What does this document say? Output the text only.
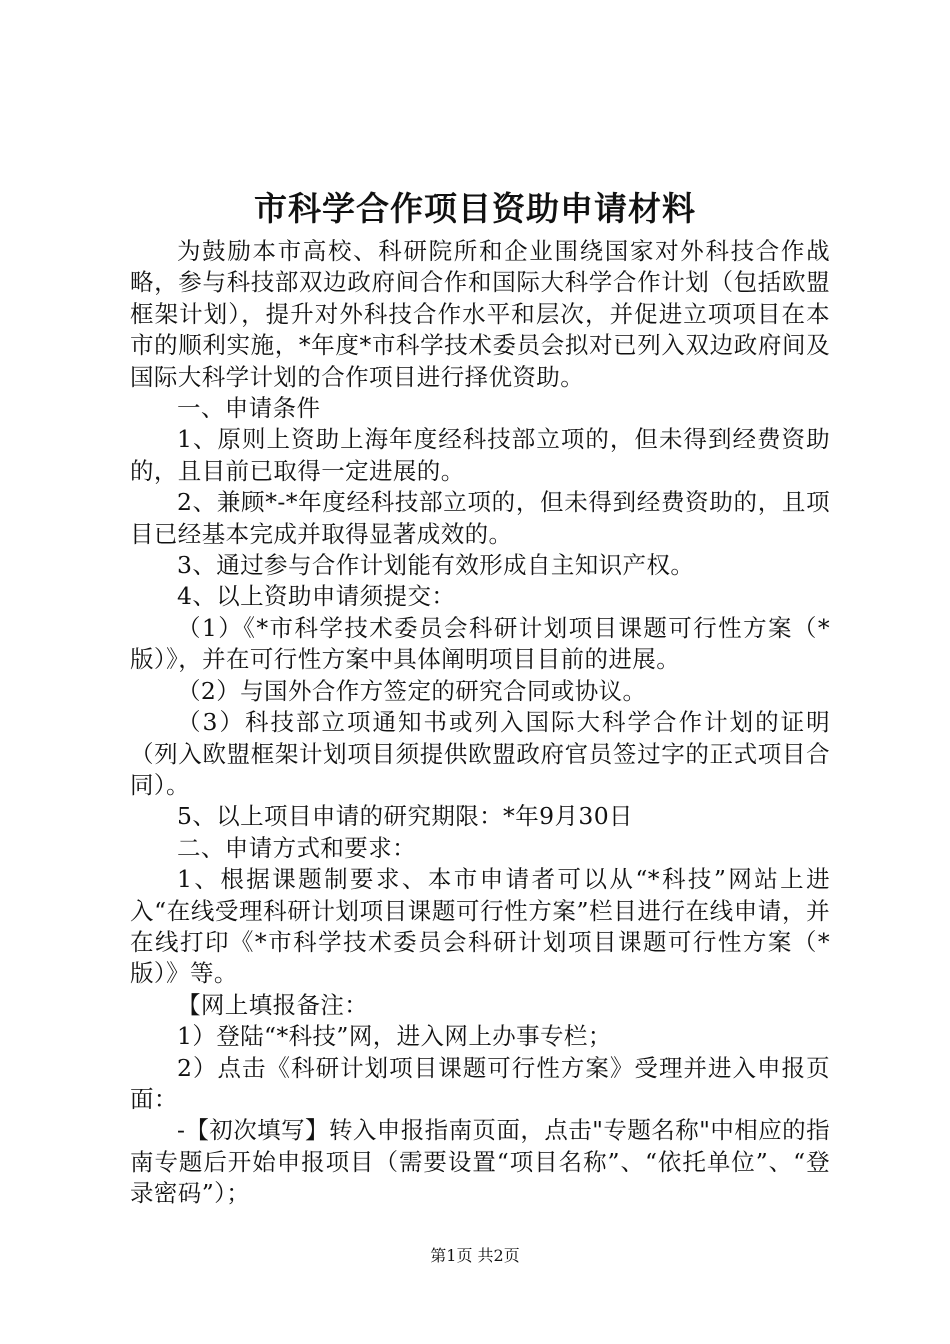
市科学合作项目资助申请材料

为鼓励本市高校、科研院所和企业围绕国家对外科技合作战略，参与科技部双边政府间合作和国际大科学合作计划（包括欧盟框架计划），提升对外科技合作水平和层次，并促进立项项目在本市的顺利实施，*年度*市科学技术委员会拟对已列入双边政府间及国际大科学计划的合作项目进行择优资助。

一、申请条件

1、原则上资助上海年度经科技部立项的，但未得到经费资助的，且目前已取得一定进展的。

2、兼顾*-*年度经科技部立项的，但未得到经费资助的，且项目已经基本完成并取得显著成效的。

3、通过参与合作计划能有效形成自主知识产权。

4、以上资助申请须提交：

（1）《*市科学技术委员会科研计划项目课题可行性方案（*版）》，并在可行性方案中具体阐明项目目前的进展。

（2）与国外合作方签定的研究合同或协议。

（3）科技部立项通知书或列入国际大科学合作计划的证明（列入欧盟框架计划项目须提供欧盟政府官员签过字的正式项目合同）。

5、以上项目申请的研究期限：*年9月30日

二、申请方式和要求：

1、根据课题制要求、本市申请者可以从“*科技”网站上进入“在线受理科研计划项目课题可行性方案”栏目进行在线申请，并在线打印《*市科学技术委员会科研计划项目课题可行性方案（*版）》等。

【网上填报备注：

1）登陆“*科技”网，进入网上办事专栏；

2）点击《科研计划项目课题可行性方案》受理并进入申报页面：

-【初次填写】转入申报指南页面，点击"专题名称"中相应的指南专题后开始申报项目（需要设置“项目名称”、“依托单位”、“登录密码”）；

第1页 共2页
